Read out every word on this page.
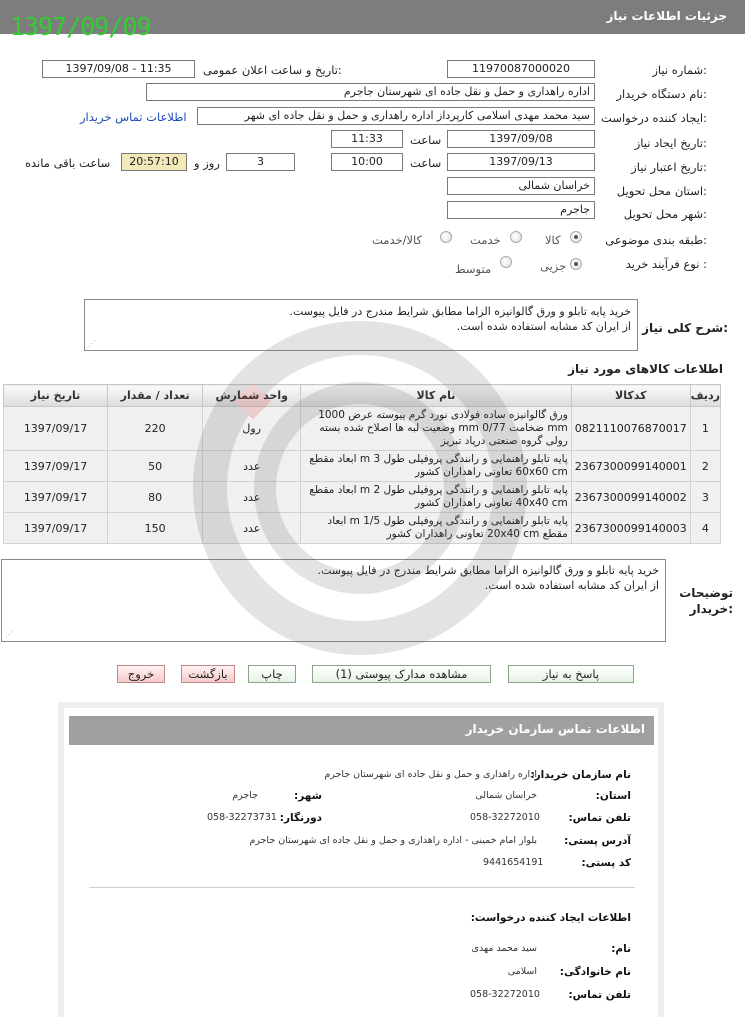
جزئیات اطلاعات نیاز
1397/09/09
شماره نیاز:
11970087000020
تاریخ و ساعت اعلان عمومی:
1397/09/08 - 11:35
نام دستگاه خریدار:
اداره راهداری و حمل و نقل جاده ای شهرستان جاجرم
ایجاد کننده درخواست:
سید محمد مهدی اسلامی کارپرداز اداره راهداری و حمل و نقل جاده ای شهر
اطلاعات تماس خریدار
تاریخ ایجاد نیاز:
1397/09/08
ساعت
11:33
تاریخ اعتبار نیاز:
1397/09/13
ساعت
10:00
3
روز و
20:57:10
ساعت باقی مانده
استان محل تحویل:
خراسان شمالی
شهر محل تحویل:
جاجرم
طبقه بندی موضوعی:
کالا
خدمت
کالا/خدمت
نوع فرآیند خرید :
جزیی
متوسط
شرح کلی نیاز:
خرید پایه تابلو و ورق گالوانیزه الزاما مطابق شرایط مندرج در فایل پیوست.
از ایران کد مشابه استفاده شده است.
⋰
اطلاعات کالاهای مورد نیاز
ردیف	کدکالا	نام کالا	واحد شمارش	تعداد / مقدار	تاریخ نیاز
1	0821110076870017	ورق گالوانیزه ساده فولادی نورد گرم پیوسته عرض 1000 mm ضخامت 0/77 mm وضعیت لبه ها اصلاح شده بسته رولی گروه صنعتی درپاد تبریز	رول	220	1397/09/17
2	2367300099140001	پایه تابلو راهنمایی و رانندگی پروفیلی طول 3 m ابعاد مقطع 60x60 cm تعاونی راهداران کشور	عدد	50	1397/09/17
3	2367300099140002	پایه تابلو راهنمایی و رانندگی پروفیلی طول 2 m ابعاد مقطع 40x40 cm تعاونی راهداران کشور	عدد	80	1397/09/17
4	2367300099140003	پایه تابلو راهنمایی و رانندگی پروفیلی طول 1/5 m ابعاد مقطع 20x40 cm تعاونی راهداران کشور	عدد	150	1397/09/17
توضیحات
خریدار:
خرید پایه تابلو و ورق گالوانیزه الزاما مطابق شرایط مندرج در فایل پیوست.
از ایران کد مشابه استفاده شده است.
⋰
پاسخ به نیاز
مشاهده مدارک پیوستی (1)
چاپ
بازگشت
خروج
اطلاعات تماس سازمان خریدار
نام سازمان خریدار:
اداره راهداری و حمل و نقل جاده ای شهرستان جاجرم
استان:
خراسان شمالی
شهر:
جاجرم
تلفن تماس:
058-32272010
دورنگار:
058-32273731
آدرس پستی:
بلوار امام خمینی - اداره راهداری و حمل و نقل جاده ای شهرستان جاجرم
کد پستی:
9441654191
اطلاعات ایجاد کننده درخواست:
نام:
سید محمد مهدی
نام خانوادگی:
اسلامی
تلفن تماس:
058-32272010
